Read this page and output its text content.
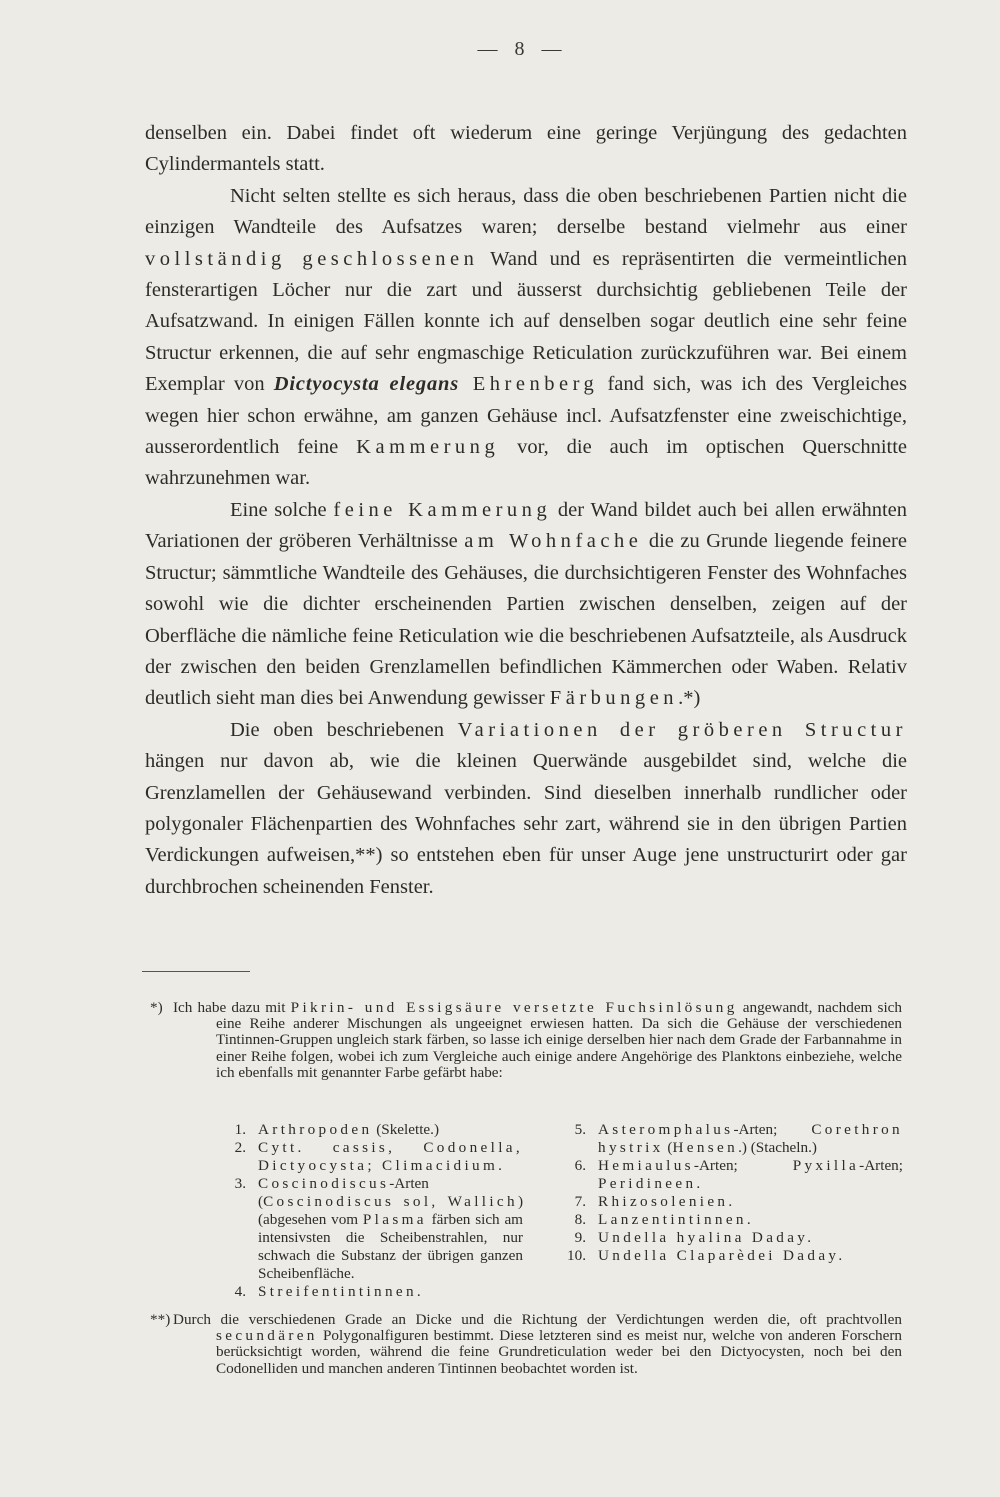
— 8 —

denselben ein. Dabei findet oft wiederum eine geringe Verjüngung des gedachten Cylindermantels statt.

Nicht selten stellte es sich heraus, dass die oben beschriebenen Partien nicht die einzigen Wandteile des Aufsatzes waren; derselbe bestand vielmehr aus einer vollständig geschlossenen Wand und es repräsentirten die vermeintlichen fensterartigen Löcher nur die zart und äusserst durchsichtig gebliebenen Teile der Aufsatzwand. In einigen Fällen konnte ich auf denselben sogar deutlich eine sehr feine Structur erkennen, die auf sehr engmaschige Reticulation zurückzuführen war. Bei einem Exemplar von Dictyocysta elegans Ehrenberg fand sich, was ich des Vergleiches wegen hier schon erwähne, am ganzen Gehäuse incl. Aufsatzfenster eine zweischichtige, ausserordentlich feine Kammerung vor, die auch im optischen Querschnitte wahrzunehmen war.

Eine solche feine Kammerung der Wand bildet auch bei allen erwähnten Variationen der gröberen Verhältnisse am Wohnfache die zu Grunde liegende feinere Structur; sämmtliche Wandteile des Gehäuses, die durchsichtigeren Fenster des Wohnfaches sowohl wie die dichter erscheinenden Partien zwischen denselben, zeigen auf der Oberfläche die nämliche feine Reticulation wie die beschriebenen Aufsatzteile, als Ausdruck der zwischen den beiden Grenzlamellen befindlichen Kämmerchen oder Waben. Relativ deutlich sieht man dies bei Anwendung gewisser Färbungen.*)

Die oben beschriebenen Variationen der gröberen Structur hängen nur davon ab, wie die kleinen Querwände ausgebildet sind, welche die Grenzlamellen der Gehäusewand verbinden. Sind dieselben innerhalb rundlicher oder polygonaler Flächenpartien des Wohnfaches sehr zart, während sie in den übrigen Partien Verdickungen aufweisen,**) so entstehen eben für unser Auge jene unstructurirt oder gar durchbrochen scheinenden Fenster.

*) Ich habe dazu mit Pikrin- und Essigsäure versetzte Fuchsinlösung angewandt, nachdem sich eine Reihe anderer Mischungen als ungeeignet erwiesen hatten. Da sich die Gehäuse der verschiedenen Tintinnen-Gruppen ungleich stark färben, so lasse ich einige derselben hier nach dem Grade der Farbannahme in einer Reihe folgen, wobei ich zum Vergleiche auch einige andere Angehörige des Planktons einbeziehe, welche ich ebenfalls mit genannter Farbe gefärbt habe:

1. Arthropoden (Skelette.)

2. Cytt. cassis, Codonella, Dictyocysta; Climacidium.

3. Coscinodiscus-Arten (Coscinodiscus sol, Wallich) (abgesehen vom Plasma färben sich am intensivsten die Scheibenstrahlen, nur schwach die Substanz der übrigen ganzen Scheibenfläche.

4. Streifentintinnen.

5. Asteromphalus-Arten; Corethron hystrix (Hensen.) (Stacheln.)

6. Hemiaulus-Arten; Pyxilla-Arten; Peridineen.

7. Rhizosolenien.

8. Lanzentintinnen.

9. Undella hyalina Daday.

10. Undella Claparèdei Daday.

**) Durch die verschiedenen Grade an Dicke und die Richtung der Verdichtungen werden die, oft prachtvollen secundären Polygonalfiguren bestimmt. Diese letzteren sind es meist nur, welche von anderen Forschern berücksichtigt worden, während die feine Grundreticulation weder bei den Dictyocysten, noch bei den Codonelliden und manchen anderen Tintinnen beobachtet worden ist.
